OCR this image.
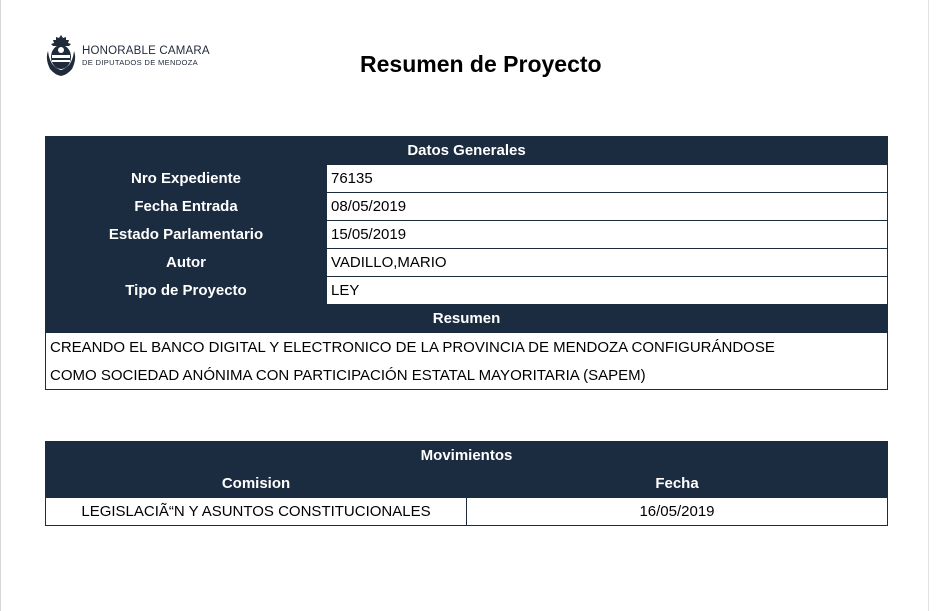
HONORABLE CAMARA
DE DIPUTADOS DE MENDOZA	Resumen de Proyecto
Datos Generales	
Nro Expediente	76135
Fecha Entrada	08/05/2019
Estado Parlamentario	15/05/2019
Autor	VADILLO,MARIO
Tipo de Proyecto	LEY
Resumen	
CREANDO EL BANCO DIGITAL Y ELECTRONICO DE LA PROVINCIA DE MENDOZA CONFIGURÁNDOSE	
COMO SOCIEDAD ANÓNIMA CON PARTICIPACIÓN ESTATAL MAYORITARIA (SAPEM)	
Movimientos	
Comision	Fecha
LEGISLACIÃ“N Y ASUNTOS CONSTITUCIONALES	16/05/2019
